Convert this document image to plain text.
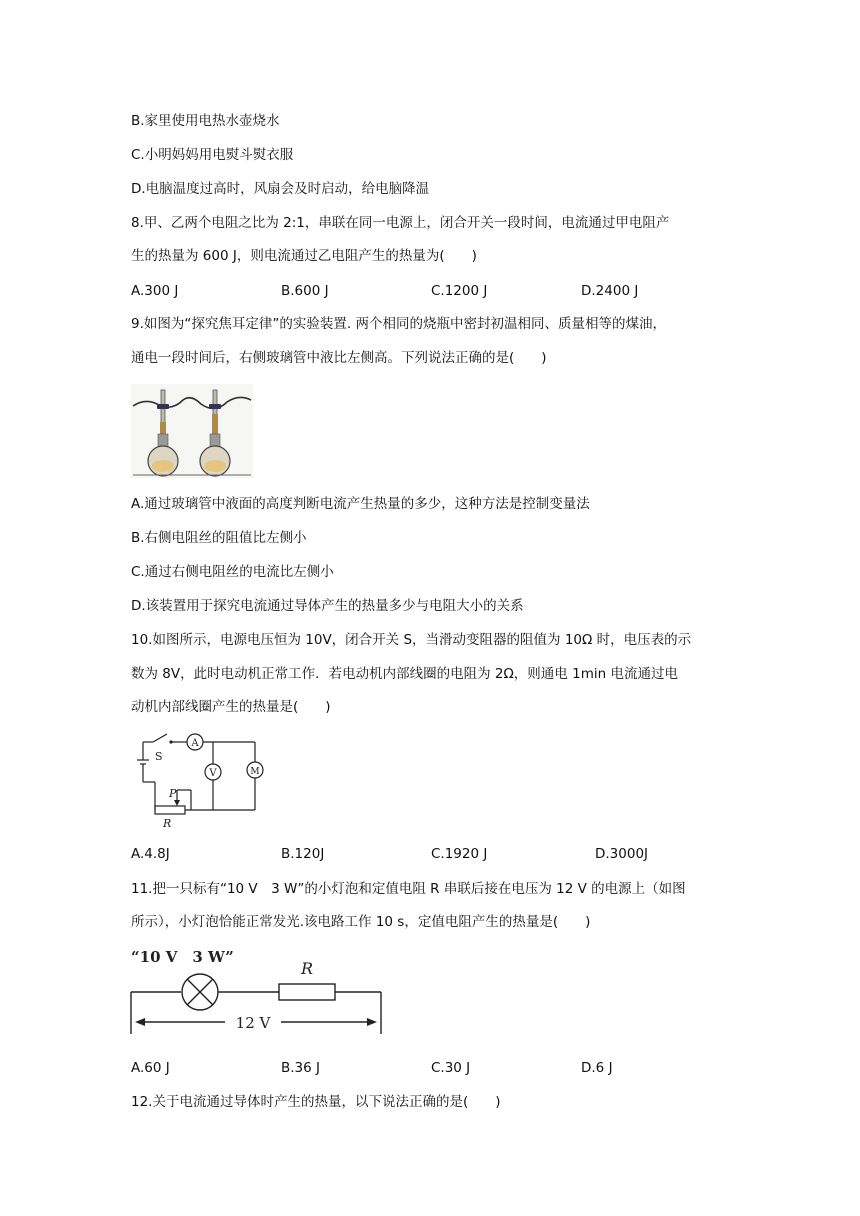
B.家里使用电热水壶烧水
C.小明妈妈用电熨斗熨衣服
D.电脑温度过高时，风扇会及时启动，给电脑降温
8.甲、乙两个电阻之比为 2:1，串联在同一电源上，闭合开关一段时间，电流通过甲电阻产
生的热量为 600 J，则电流通过乙电阻产生的热量为(　　)
A.300 J	B.600 J	C.1200 J	D.2400 J
9.如图为“探究焦耳定律”的实验装置. 两个相同的烧瓶中密封初温相同、质量相等的煤油，
通电一段时间后，右侧玻璃管中液比左侧高。下列说法正确的是(　　)
A.通过玻璃管中液面的高度判断电流产生热量的多少，这种方法是控制变量法
B.右侧电阻丝的阻值比左侧小
C.通过右侧电阻丝的电流比左侧小
D.该装置用于探究电流通过导体产生的热量多少与电阻大小的关系
10.如图所示，电源电压恒为 10V，闭合开关 S，当滑动变阻器的阻值为 10Ω 时，电压表的示
数为 8V，此时电动机正常工作．若电动机内部线圈的电阻为 2Ω，则通电 1min 电流通过电
动机内部线圈产生的热量是(　　)
S
A
V	M
P
R
A.4.8J	B.120J	C.1920 J	D.3000J
11.把一只标有“10 V　3 W”的小灯泡和定值电阻 R 串联后接在电压为 12 V 的电源上（如图
所示），小灯泡恰能正常发光.该电路工作 10 s，定值电阻产生的热量是(　　)
“10 V　3 W”
R
12 V
A.60 J	B.36 J	C.30 J	D.6 J
12.关于电流通过导体时产生的热量，以下说法正确的是(　　)
